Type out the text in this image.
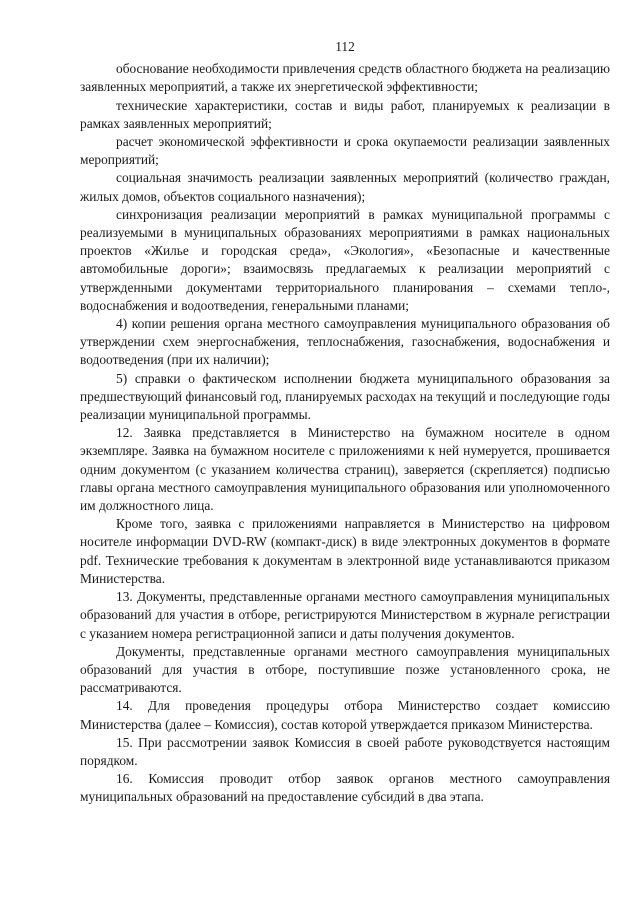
112

обоснование необходимости привлечения средств областного бюджета на реализацию заявленных мероприятий, а также их энергетической эффективности;

технические характеристики, состав и виды работ, планируемых к реализации в рамках заявленных мероприятий;

расчет экономической эффективности и срока окупаемости реализации заявленных мероприятий;

социальная значимость реализации заявленных мероприятий (количество граждан, жилых домов, объектов социального назначения);

синхронизация реализации мероприятий в рамках муниципальной программы с реализуемыми в муниципальных образованиях мероприятиями в рамках национальных проектов «Жилье и городская среда», «Экология», «Безопасные и качественные автомобильные дороги»; взаимосвязь предлагаемых к реализации мероприятий с утвержденными документами территориального планирования – схемами тепло-, водоснабжения и водоотведения, генеральными планами;

4) копии решения органа местного самоуправления муниципального образования об утверждении схем энергоснабжения, теплоснабжения, газоснабжения, водоснабжения и водоотведения (при их наличии);

5) справки о фактическом исполнении бюджета муниципального образования за предшествующий финансовый год, планируемых расходах на текущий и последующие годы реализации муниципальной программы.

12. Заявка представляется в Министерство на бумажном носителе в одном экземпляре. Заявка на бумажном носителе с приложениями к ней нумеруется, прошивается одним документом (с указанием количества страниц), заверяется (скрепляется) подписью главы органа местного самоуправления муниципального образования или уполномоченного им должностного лица.

Кроме того, заявка с приложениями направляется в Министерство на цифровом носителе информации DVD-RW (компакт-диск) в виде электронных документов в формате pdf. Технические требования к документам в электронной виде устанавливаются приказом Министерства.

13. Документы, представленные органами местного самоуправления муниципальных образований для участия в отборе, регистрируются Министерством в журнале регистрации с указанием номера регистрационной записи и даты получения документов.

Документы, представленные органами местного самоуправления муниципальных образований для участия в отборе, поступившие позже установленного срока, не рассматриваются.

14. Для проведения процедуры отбора Министерство создает комиссию Министерства (далее – Комиссия), состав которой утверждается приказом Министерства.

15. При рассмотрении заявок Комиссия в своей работе руководствуется настоящим порядком.

16. Комиссия проводит отбор заявок органов местного самоуправления муниципальных образований на предоставление субсидий в два этапа.
